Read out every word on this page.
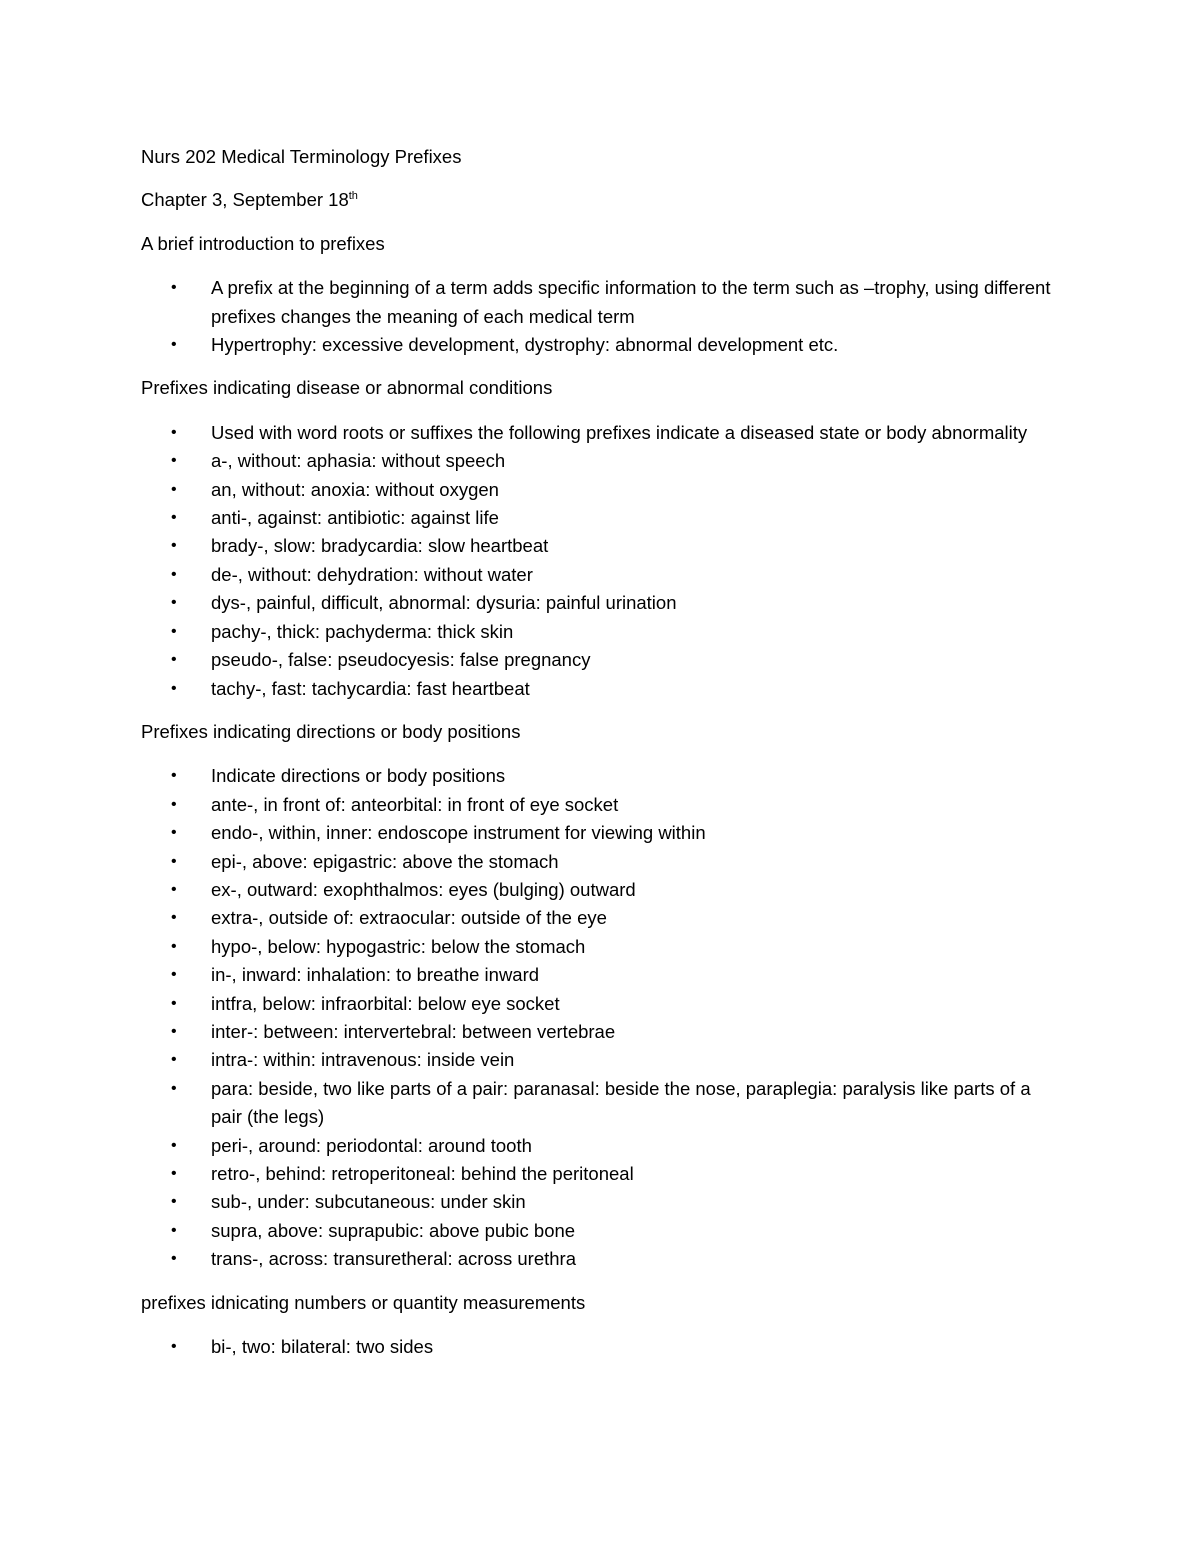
Nurs 202 Medical Terminology Prefixes

Chapter 3, September 18th

A brief introduction to prefixes

• A prefix at the beginning of a term adds specific information to the term such as –trophy, using different prefixes changes the meaning of each medical term
• Hypertrophy: excessive development, dystrophy: abnormal development etc.

Prefixes indicating disease or abnormal conditions

• Used with word roots or suffixes the following prefixes indicate a diseased state or body abnormality
• a-, without: aphasia: without speech
• an, without: anoxia: without oxygen
• anti-, against: antibiotic: against life
• brady-, slow: bradycardia: slow heartbeat
• de-, without: dehydration: without water
• dys-, painful, difficult, abnormal: dysuria: painful urination
• pachy-, thick: pachyderma: thick skin
• pseudo-, false: pseudocyesis: false pregnancy
• tachy-, fast: tachycardia: fast heartbeat

Prefixes indicating directions or body positions

• Indicate directions or body positions
• ante-, in front of: anteorbital: in front of eye socket
• endo-, within, inner: endoscope instrument for viewing within
• epi-, above: epigastric: above the stomach
• ex-, outward: exophthalmos: eyes (bulging) outward
• extra-, outside of: extraocular: outside of the eye
• hypo-, below: hypogastric: below the stomach
• in-, inward: inhalation: to breathe inward
• intfra, below: infraorbital: below eye socket
• inter-: between: intervertebral: between vertebrae
• intra-: within: intravenous: inside vein
• para: beside, two like parts of a pair: paranasal: beside the nose, paraplegia: paralysis like parts of a pair (the legs)
• peri-, around: periodontal: around tooth
• retro-, behind: retroperitoneal: behind the peritoneal
• sub-, under: subcutaneous: under skin
• supra, above: suprapubic: above pubic bone
• trans-, across: transuretheral: across urethra

prefixes idnicating numbers or quantity measurements

• bi-, two: bilateral: two sides
